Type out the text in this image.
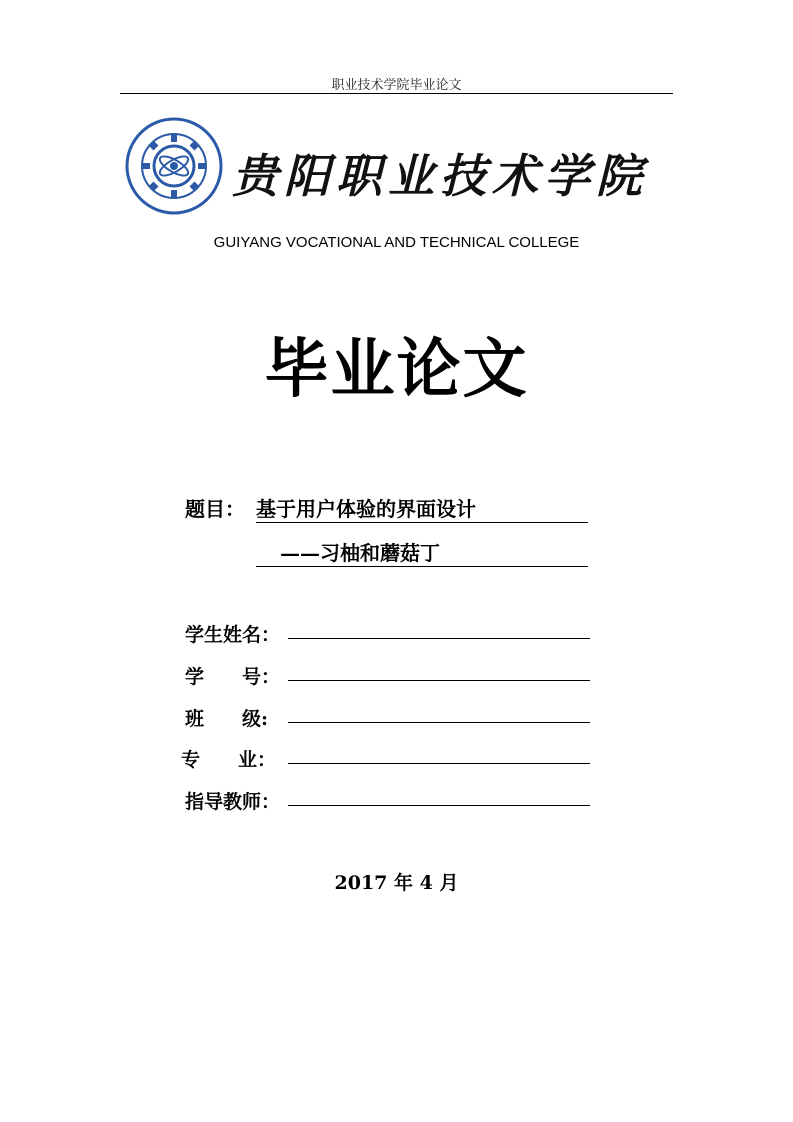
职业技术学院毕业论文
贵阳职业技术学院
GUIYANG VOCATIONAL AND TECHNICAL COLLEGE
毕业论文
题目： 基于用户体验的界面设计
——习柚和蘑菇丁
学生姓名：
学　　号：
班　　级:
专　　业：
指导教师：
2017 年 4 月
